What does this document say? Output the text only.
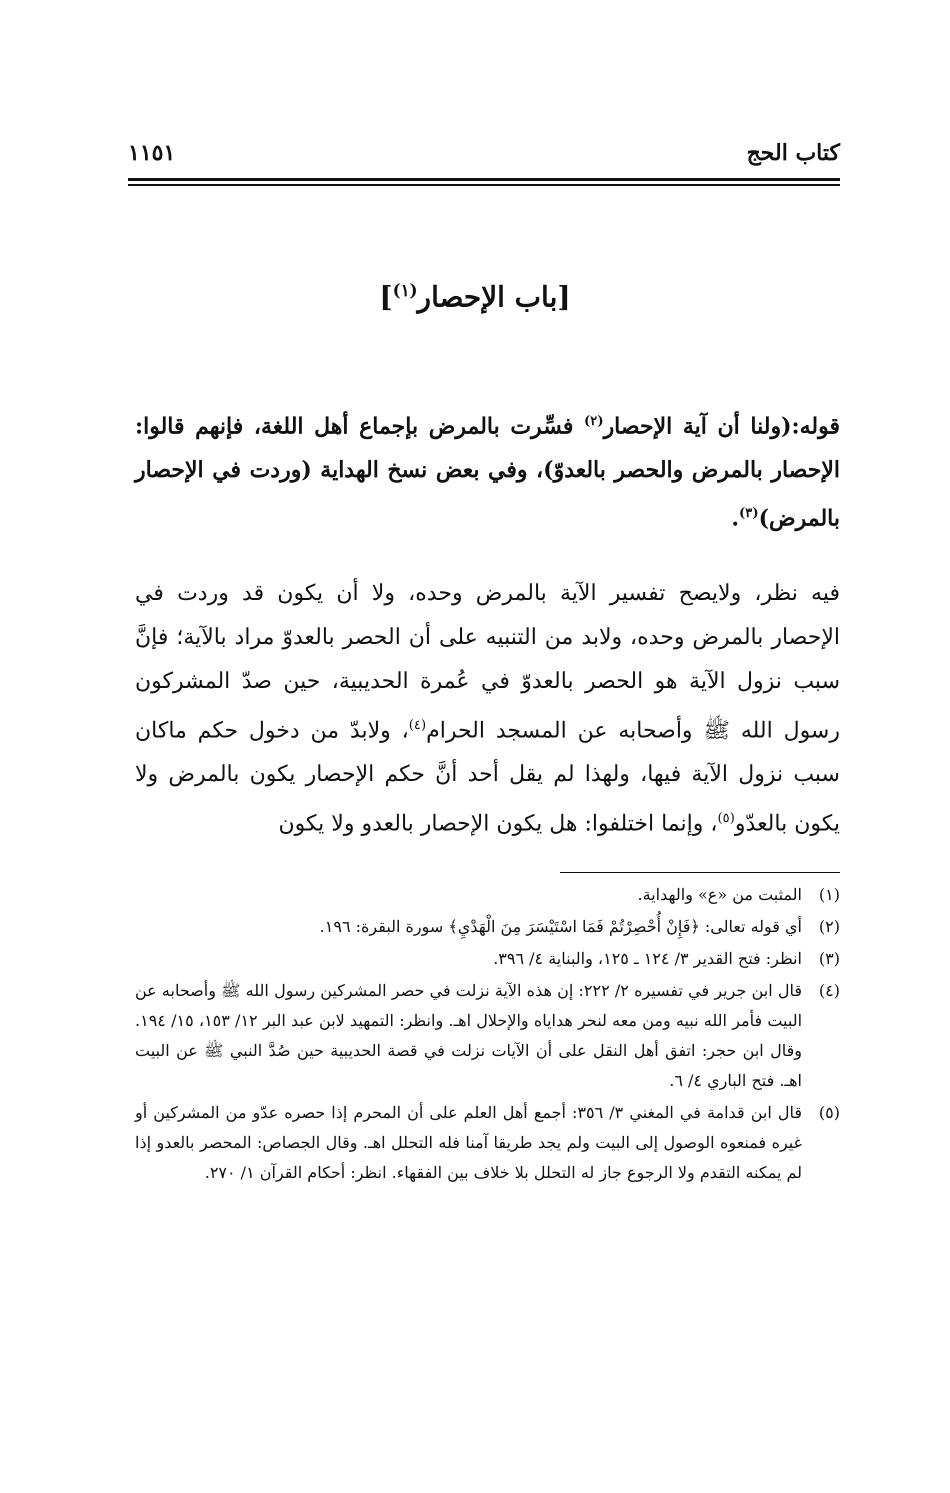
كتاب الحج
١١٥١
[باب الإحصار$^{(١)}$]
قوله:(ولنا أن آية الإحصار$^{(٢)}$ فسِّرت بالمرض بإجماع أهل اللغة، فإنهم قالوا: الإحصار بالمرض والحصر بالعدوّ)، وفي بعض نسخ الهداية (وردت في الإحصار بالمرض)$^{(٣)}$.
فيه نظر، ولايصح تفسير الآية بالمرض وحده، ولا أن يكون قد وردت في الإحصار بالمرض وحده، ولابد من التنبيه على أن الحصر بالعدوّ مراد بالآية؛ فإنَّ سبب نزول الآية هو الحصر بالعدوّ في عُمرة الحديبية، حين صدّ المشركون رسول الله ﷺ وأصحابه عن المسجد الحرام$^{(٤)}$، ولابدّ من دخول حكم ماكان سبب نزول الآية فيها، ولهذا لم يقل أحد أنَّ حكم الإحصار يكون بالمرض ولا يكون بالعدّو$^{(٥)}$، وإنما اختلفوا: هل يكون الإحصار بالعدو ولا يكون
(١)
المثبت من «ع» والهداية.
(٢)
أي قوله تعالى: ﴿فَإِنْ أُحْصِرْتُمْ فَمَا اسْتَيْسَرَ مِنَ الْهَدْيِ﴾ سورة البقرة: ١٩٦.
(٣)
انظر: فتح القدير ٣/ ١٢٤ ـ ١٢٥، والبناية ٤/ ٣٩٦.
(٤)
قال ابن جرير في تفسيره ٢/ ٢٢٢: إن هذه الآية نزلت في حصر المشركين رسول الله ﷺ وأصحابه عن البيت فأمر الله نبيه ومن معه لنحر هداياه والإحلال اهـ. وانظر: التمهيد لابن عبد البر ١٢/ ١٥٣، ١٥/ ١٩٤. وقال ابن حجر: اتفق أهل النقل على أن الآيات نزلت في قصة الحديبية حين صُدَّ النبي ﷺ عن البيت اهـ. فتح الباري ٤/ ٦.
(٥)
قال ابن قدامة في المغني ٣/ ٣٥٦: أجمع أهل العلم على أن المحرم إذا حصره عدّو من المشركين أو غيره فمنعوه الوصول إلى البيت ولم يجد طريقا آمنا فله التحلل اهـ. وقال الجصاص: المحصر بالعدو إذا لم يمكنه التقدم ولا الرجوع جاز له التحلل بلا خلاف بين الفقهاء. انظر: أحكام القرآن ١/ ٢٧٠.
